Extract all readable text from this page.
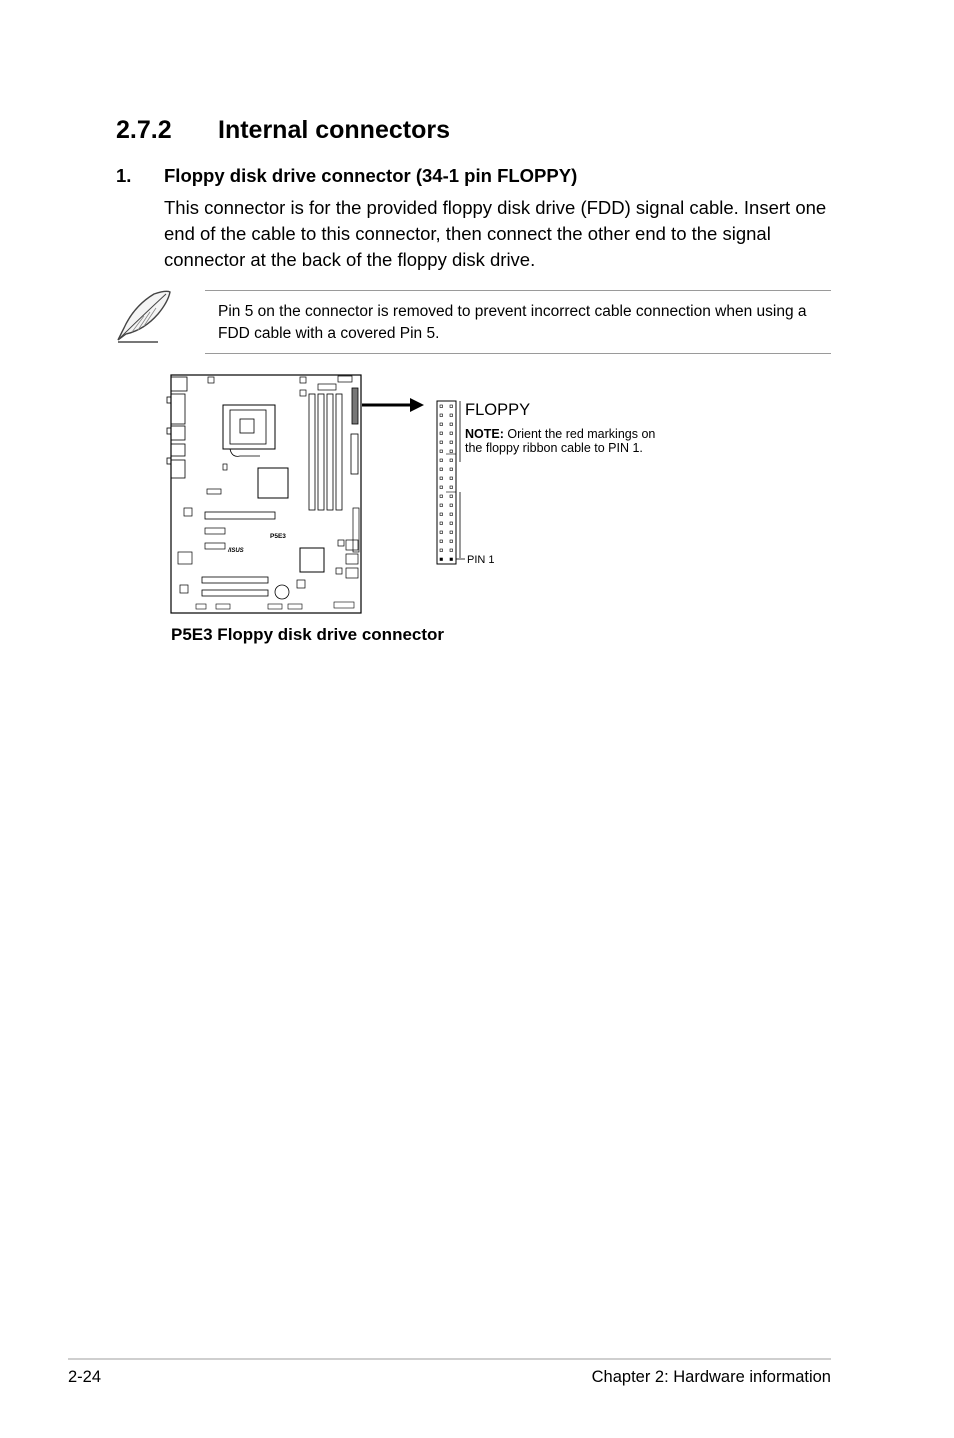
2.7.2	Internal connectors
1.	Floppy disk drive connector (34-1 pin FLOPPY)

This connector is for the provided floppy disk drive (FDD) signal cable. Insert one end of the cable to this connector, then connect the other end to the signal connector at the back of the floppy disk drive.

Pin 5 on the connector is removed to prevent incorrect cable connection when using a FDD cable with a covered Pin 5.

P5E3
/ISUS
FLOPPY
NOTE: Orient the red markings on
the floppy ribbon cable to PIN 1.
PIN 1
P5E3 Floppy disk drive connector
2-24	Chapter 2: Hardware information
